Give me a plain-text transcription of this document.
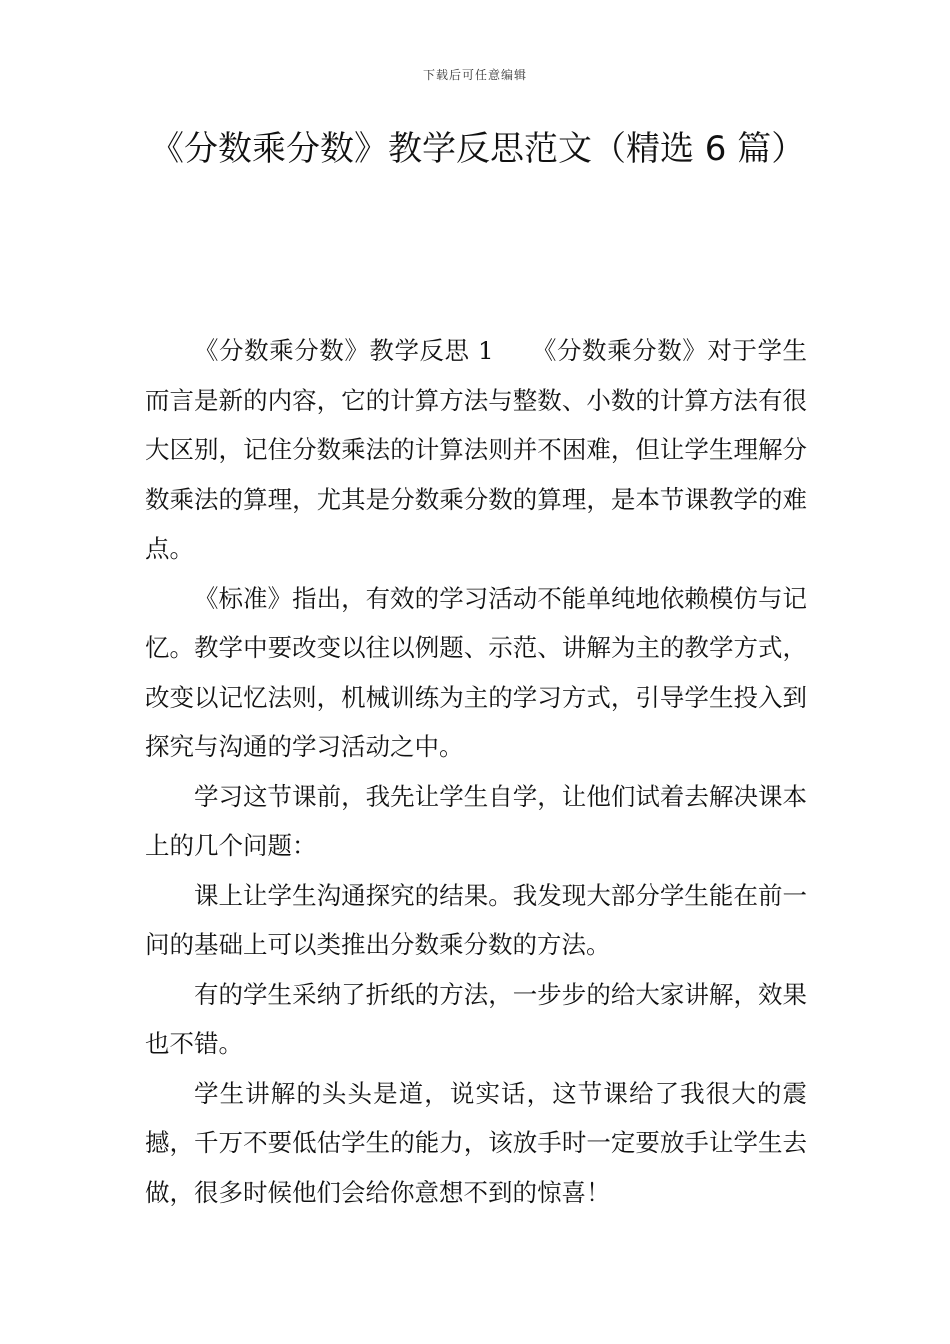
下载后可任意编辑
《分数乘分数》教学反思范文（精选 6 篇）

《分数乘分数》教学反思 1　　《分数乘分数》对于学生而言是新的内容，它的计算方法与整数、小数的计算方法有很大区别，记住分数乘法的计算法则并不困难，但让学生理解分数乘法的算理，尤其是分数乘分数的算理，是本节课教学的难点。

《标准》指出，有效的学习活动不能单纯地依赖模仿与记忆。教学中要改变以往以例题、示范、讲解为主的教学方式，改变以记忆法则，机械训练为主的学习方式，引导学生投入到探究与沟通的学习活动之中。

学习这节课前，我先让学生自学，让他们试着去解决课本上的几个问题：

课上让学生沟通探究的结果。我发现大部分学生能在前一问的基础上可以类推出分数乘分数的方法。

有的学生采纳了折纸的方法，一步步的给大家讲解，效果也不错。

学生讲解的头头是道，说实话，这节课给了我很大的震撼，千万不要低估学生的能力，该放手时一定要放手让学生去做，很多时候他们会给你意想不到的惊喜！
